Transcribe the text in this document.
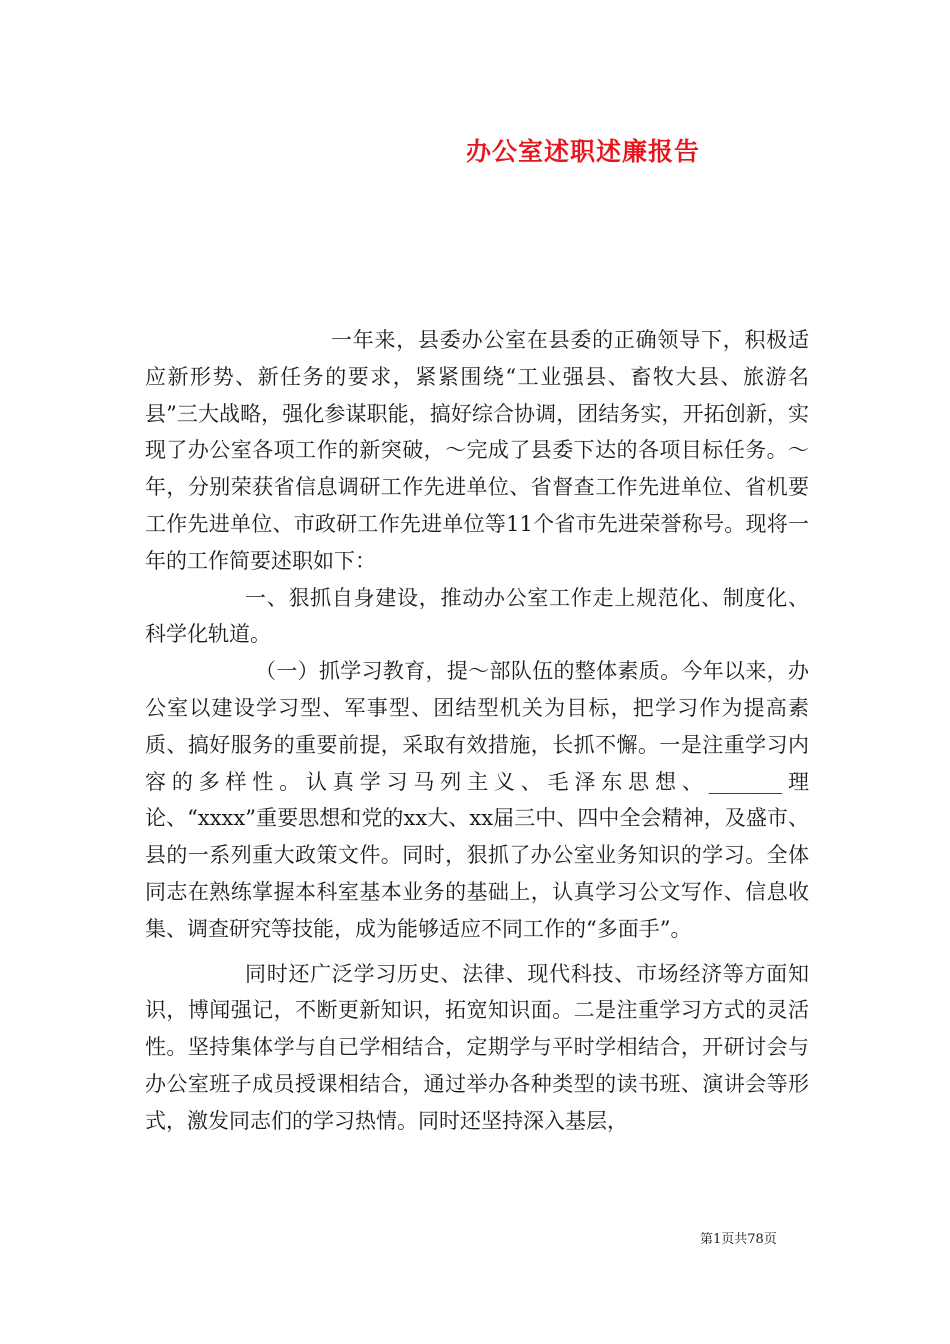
办公室述职述廉报告

一年来，县委办公室在县委的正确领导下，积极适应新形势、新任务的要求，紧紧围绕“工业强县、畜牧大县、旅游名县”三大战略，强化参谋职能，搞好综合协调，团结务实，开拓创新，实现了办公室各项工作的新突破，～完成了县委下达的各项目标任务。～年，分别荣获省信息调研工作先进单位、省督查工作先进单位、省机要工作先进单位、市政研工作先进单位等11个省市先进荣誉称号。现将一年的工作简要述职如下：

一、狠抓自身建设，推动办公室工作走上规范化、制度化、科学化轨道。

（一）抓学习教育，提～部队伍的整体素质。今年以来，办公室以建设学习型、军事型、团结型机关为目标，把学习作为提高素质、搞好服务的重要前提，采取有效措施，长抓不懈。一是注重学习内容的多样性。认真学习马列主义、毛泽东思想、_______理论、“xxxx”重要思想和党的xx大、xx届三中、四中全会精神，及盛市、县的一系列重大政策文件。同时，狠抓了办公室业务知识的学习。全体同志在熟练掌握本科室基本业务的基础上，认真学习公文写作、信息收集、调查研究等技能，成为能够适应不同工作的“多面手”。

同时还广泛学习历史、法律、现代科技、市场经济等方面知识，博闻强记，不断更新知识，拓宽知识面。二是注重学习方式的灵活性。坚持集体学与自已学相结合，定期学与平时学相结合，开研讨会与办公室班子成员授课相结合，通过举办各种类型的读书班、演讲会等形式，激发同志们的学习热情。同时还坚持深入基层，

第1页共78页
